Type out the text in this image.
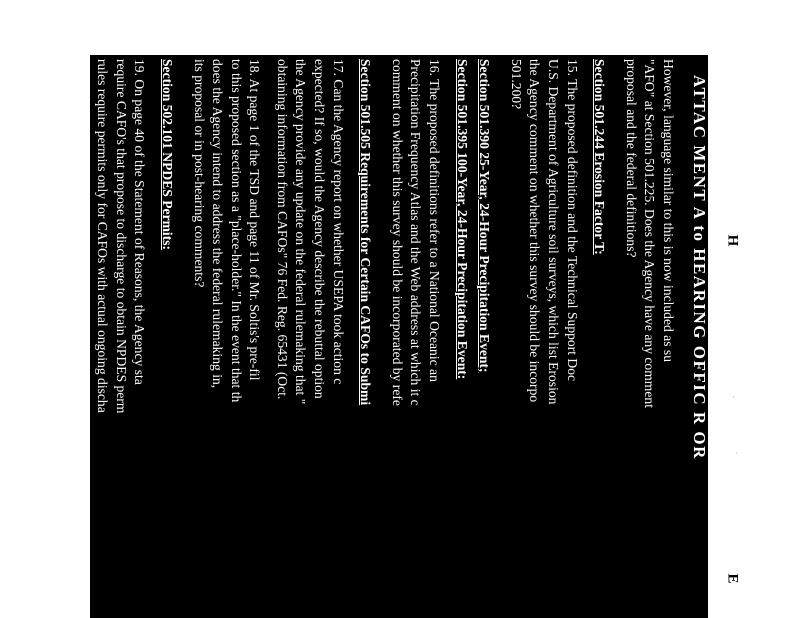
H
·
·
E
ATTAC MENT A to HEARING OFFIC R OR
However, language similar to this is now included as su
"AFO" at Section 501.225. Does the Agency have any comment
proposal and the federal definitions?
Section 501.244 Erosion Factor T:
15. The proposed definition and the Technical Support Doc
U.S. Department of Agriculture soil surveys, which list Erosion
the Agency comment on whether this survey should be incorpo
501.200?
Section 501.390 25-Year, 24-Hour Precipitation Event;
Section 501.395 100-Year, 24-Hour Precipitation Event:
16. The proposed definitions refer to a National Oceanic an
Precipitation Frequency Atlas and the Web address at which it c
comment on whether this survey should be incorporated by refe
Section 501.505 Requirements for Certain CAFOs to Submi
17. Can the Agency report on whether USEPA took action c
expected? If so, would the Agency describe the rebuttal option
the Agency provide any update on the federal rulemaking that "
obtaining information from CAFOs" 76 Fed. Reg. 65431 (Oct.
18. At page 1 of the TSD and page 11 of Mr. Soltis's pre-fil
to this proposed section as a "place-holder." In the event that th
does the Agency intend to address the federal rulemaking in,
its proposal or in post-hearing comments?
Section 502.101 NPDES Permits:
19. On page 40 of the Statement of Reasons, the Agency sta
require CAFO's that propose to discharge to obtain NPDES perm
rules require permits only for CAFOs with actual ongoing discha
20. Please clarify whether the NPDES permit requirements a
regardless of their size, i.e. large, medium or small.
21. Subsection (b)(1) allows an owner or operator to not see
discharge "if the conditions that gave rise to the discharge have
